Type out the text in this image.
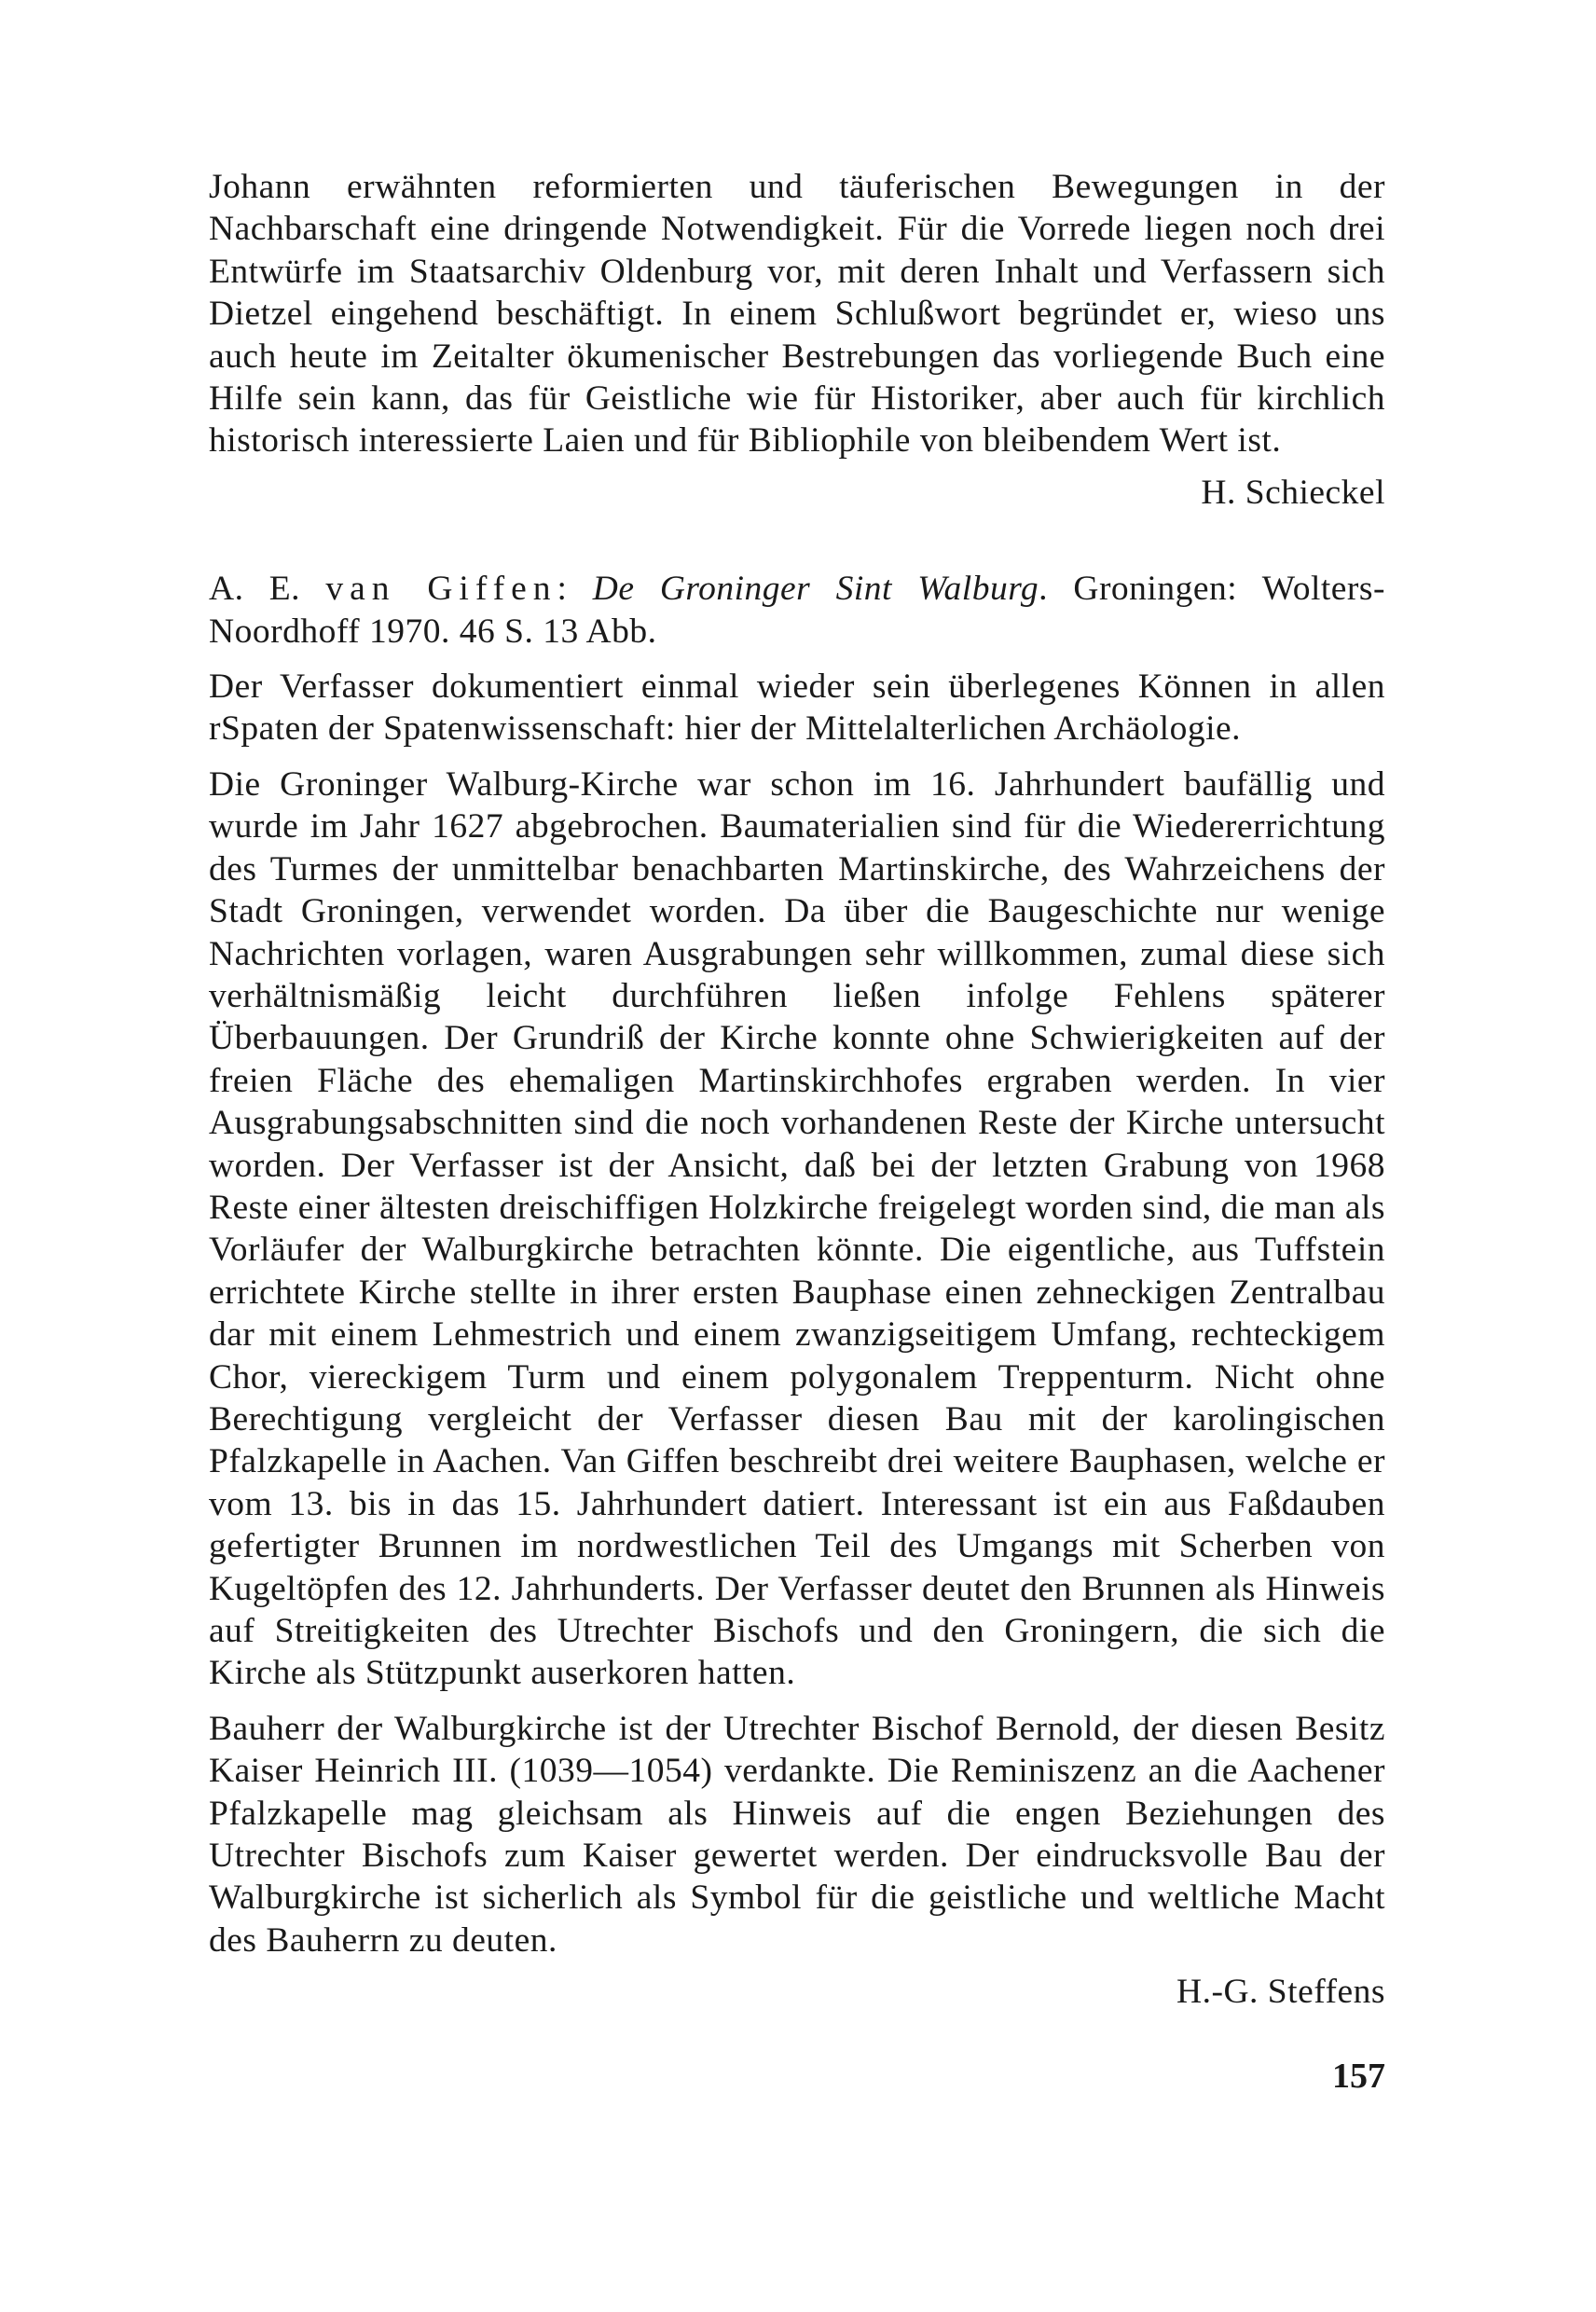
Johann erwähnten reformierten und täuferischen Bewegungen in der Nachbarschaft eine dringende Notwendigkeit. Für die Vorrede liegen noch drei Entwürfe im Staatsarchiv Oldenburg vor, mit deren Inhalt und Verfassern sich Dietzel eingehend beschäftigt. In einem Schlußwort begründet er, wieso uns auch heute im Zeitalter ökumenischer Bestrebungen das vorliegende Buch eine Hilfe sein kann, das für Geistliche wie für Historiker, aber auch für kirchlich historisch interessierte Laien und für Bibliophile von bleibendem Wert ist.

H. Schieckel

A. E. van Giffen: De Groninger Sint Walburg. Groningen: Wolters-Noordhoff 1970. 46 S. 13 Abb.

Der Verfasser dokumentiert einmal wieder sein überlegenes Können in allen rSpaten der Spatenwissenschaft: hier der Mittelalterlichen Archäologie.

Die Groninger Walburg-Kirche war schon im 16. Jahrhundert baufällig und wurde im Jahr 1627 abgebrochen. Baumaterialien sind für die Wiedererrichtung des Turmes der unmittelbar benachbarten Martinskirche, des Wahrzeichens der Stadt Groningen, verwendet worden. Da über die Baugeschichte nur wenige Nachrichten vorlagen, waren Ausgrabungen sehr willkommen, zumal diese sich verhältnismäßig leicht durchführen ließen infolge Fehlens späterer Überbauungen. Der Grundriß der Kirche konnte ohne Schwierigkeiten auf der freien Fläche des ehemaligen Martinskirchhofes ergraben werden. In vier Ausgrabungsabschnitten sind die noch vorhandenen Reste der Kirche untersucht worden. Der Verfasser ist der Ansicht, daß bei der letzten Grabung von 1968 Reste einer ältesten dreischiffigen Holzkirche freigelegt worden sind, die man als Vorläufer der Walburgkirche betrachten könnte. Die eigentliche, aus Tuffstein errichtete Kirche stellte in ihrer ersten Bauphase einen zehneckigen Zentralbau dar mit einem Lehmestrich und einem zwanzigseitigem Umfang, rechteckigem Chor, viereckigem Turm und einem polygonalem Treppenturm. Nicht ohne Berechtigung vergleicht der Verfasser diesen Bau mit der karolingischen Pfalzkapelle in Aachen. Van Giffen beschreibt drei weitere Bauphasen, welche er vom 13. bis in das 15. Jahrhundert datiert. Interessant ist ein aus Faßdauben gefertigter Brunnen im nordwestlichen Teil des Umgangs mit Scherben von Kugeltöpfen des 12. Jahrhunderts. Der Verfasser deutet den Brunnen als Hinweis auf Streitigkeiten des Utrechter Bischofs und den Groningern, die sich die Kirche als Stützpunkt auserkoren hatten.

Bauherr der Walburgkirche ist der Utrechter Bischof Bernold, der diesen Besitz Kaiser Heinrich III. (1039—1054) verdankte. Die Reminiszenz an die Aachener Pfalzkapelle mag gleichsam als Hinweis auf die engen Beziehungen des Utrechter Bischofs zum Kaiser gewertet werden. Der eindrucksvolle Bau der Walburgkirche ist sicherlich als Symbol für die geistliche und weltliche Macht des Bauherrn zu deuten.

H.-G. Steffens

157
